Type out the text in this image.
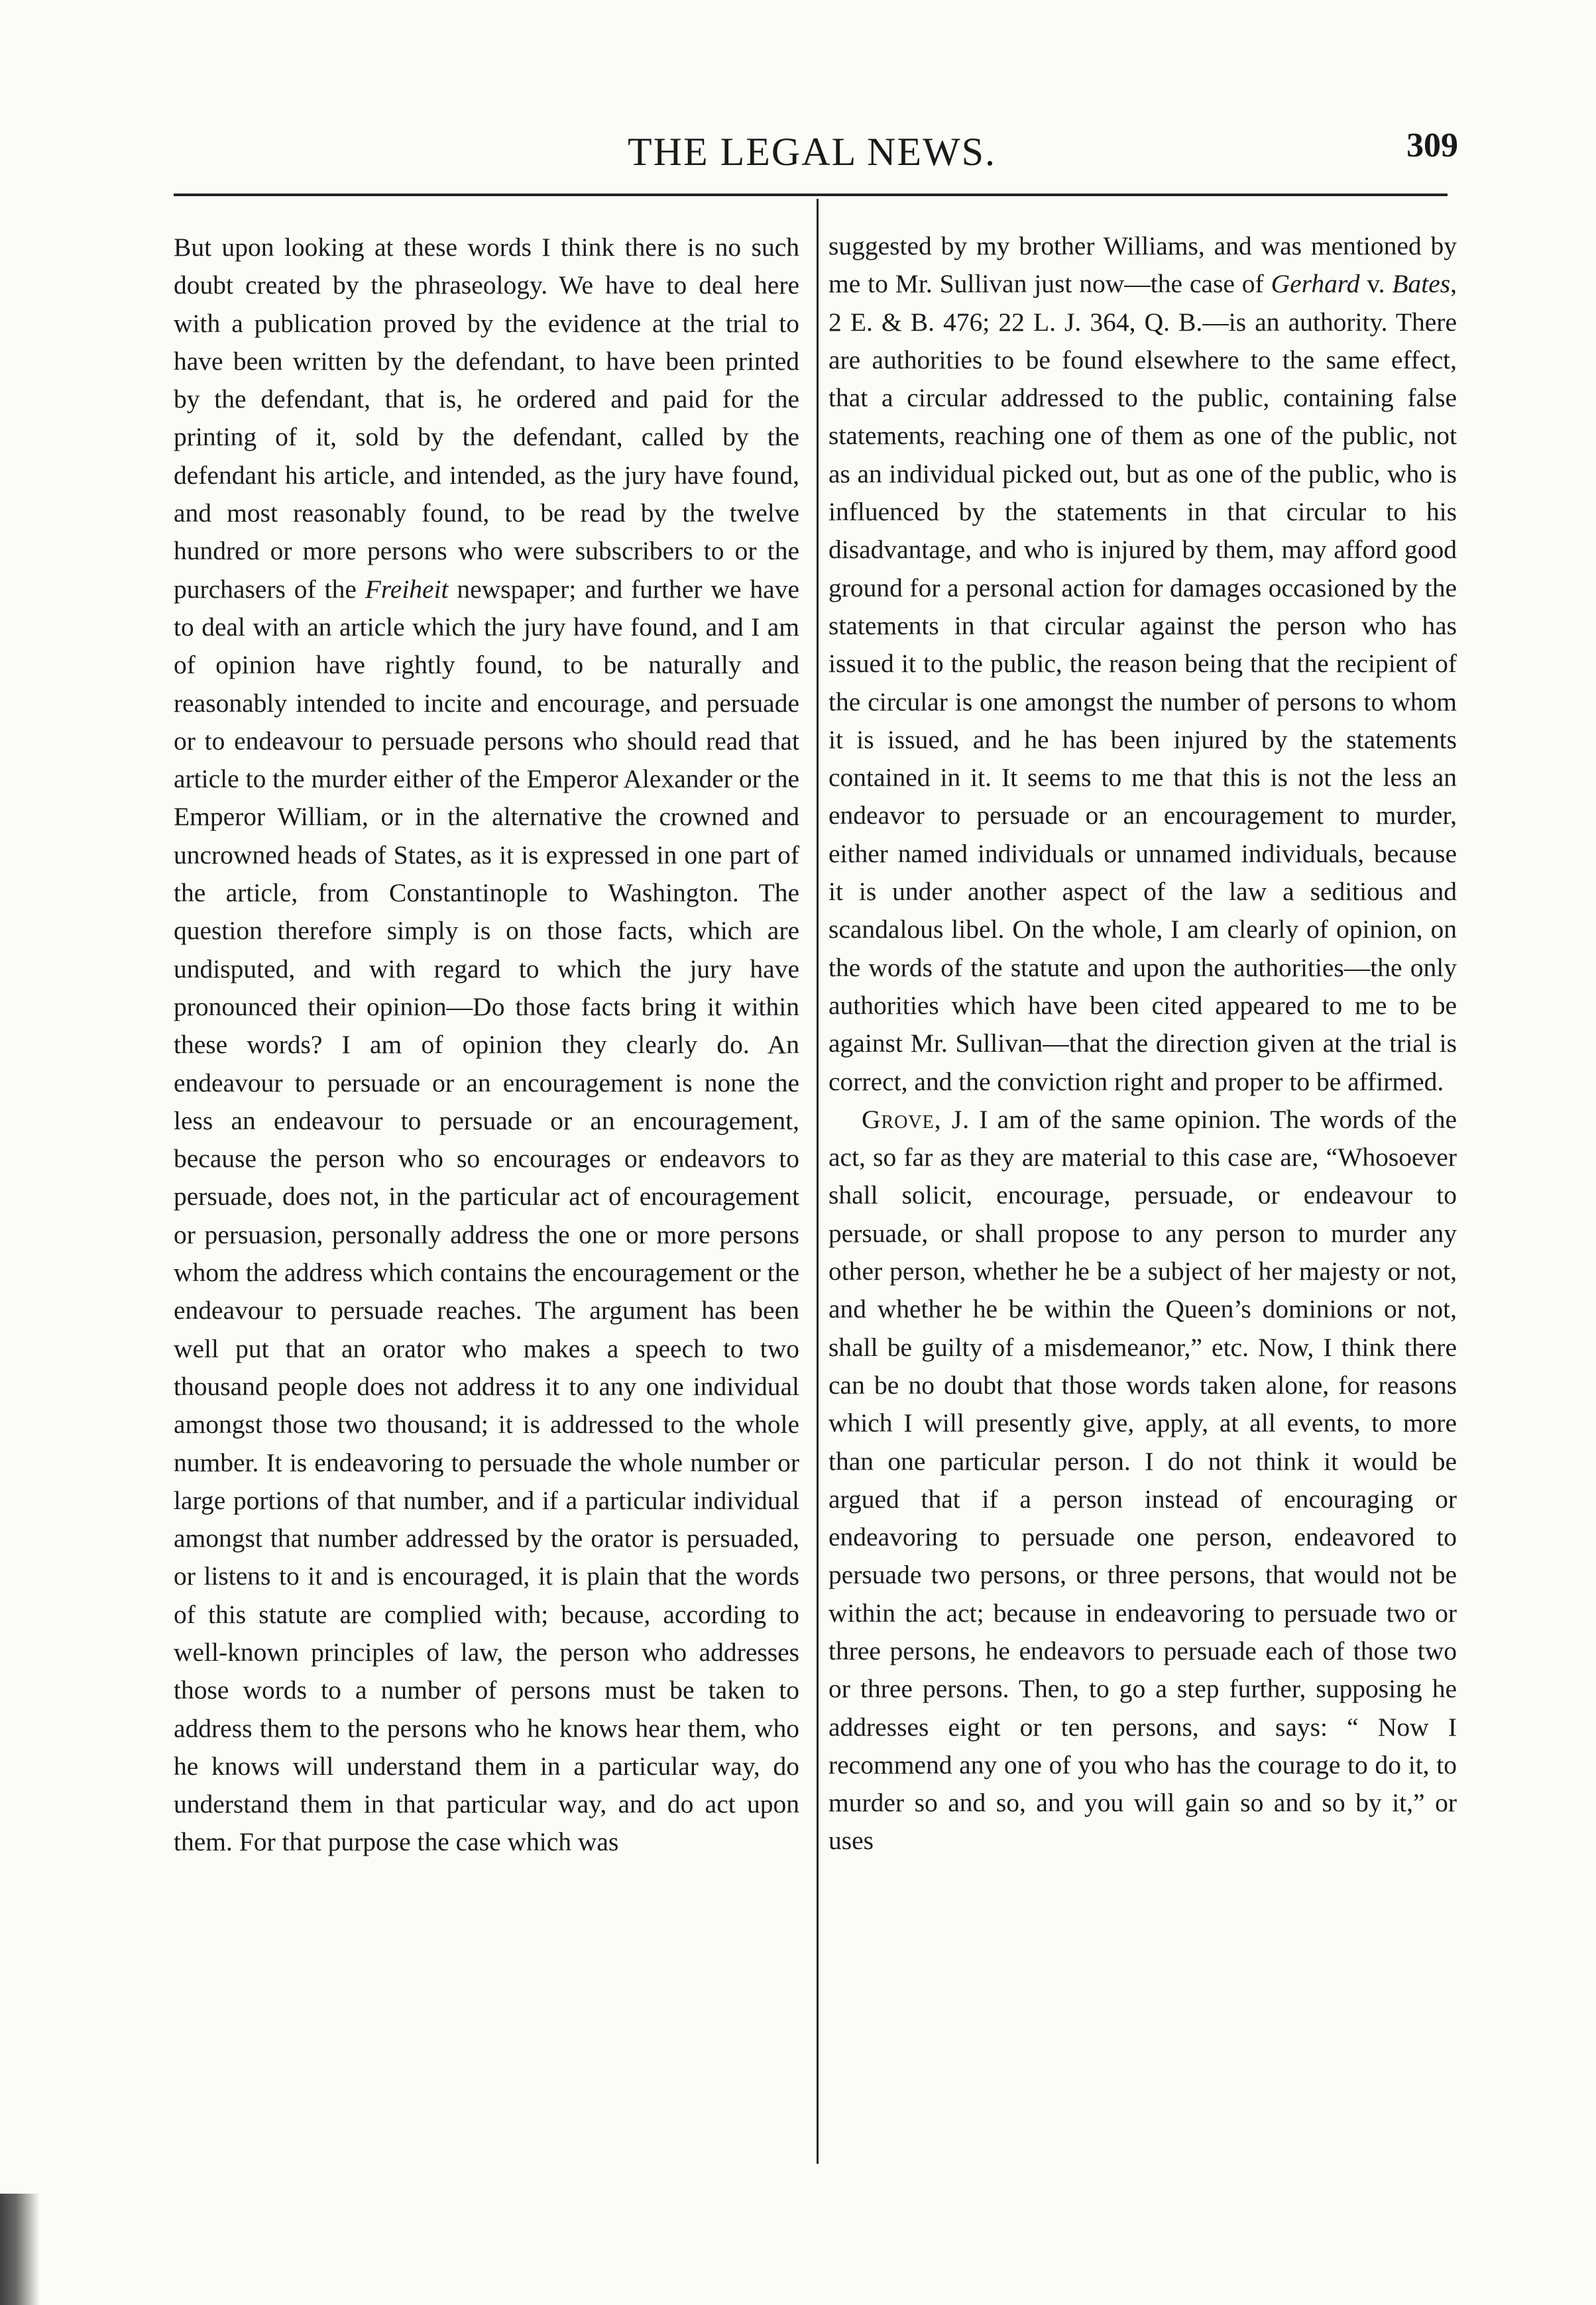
THE LEGAL NEWS.	309

But upon looking at these words I think there is no such doubt created by the phraseology. We have to deal here with a publication proved by the evidence at the trial to have been written by the defendant, to have been printed by the defendant, that is, he ordered and paid for the printing of it, sold by the defendant, called by the defendant his article, and intended, as the jury have found, and most reasonably found, to be read by the twelve hundred or more persons who were subscribers to or the purchasers of the Freiheit newspaper; and further we have to deal with an article which the jury have found, and I am of opinion have rightly found, to be naturally and reasonably intended to incite and encourage, and persuade or to endeavour to persuade persons who should read that article to the murder either of the Emperor Alexander or the Emperor William, or in the alternative the crowned and uncrowned heads of States, as it is expressed in one part of the article, from Constantinople to Washington. The question therefore simply is on those facts, which are undisputed, and with regard to which the jury have pronounced their opinion—Do those facts bring it within these words? I am of opinion they clearly do. An endeavour to persuade or an encouragement is none the less an endeavour to persuade or an encouragement, because the person who so encourages or endeavors to persuade, does not, in the particular act of encouragement or persuasion, personally address the one or more persons whom the address which contains the encouragement or the endeavour to persuade reaches. The argument has been well put that an orator who makes a speech to two thousand people does not address it to any one individual amongst those two thousand; it is addressed to the whole number. It is endeavoring to persuade the whole number or large portions of that number, and if a particular individual amongst that number addressed by the orator is persuaded, or listens to it and is encouraged, it is plain that the words of this statute are complied with; because, according to well-known principles of law, the person who addresses those words to a number of persons must be taken to address them to the persons who he knows hear them, who he knows will understand them in a particular way, do understand them in that particular way, and do act upon them. For that purpose the case which was

suggested by my brother Williams, and was mentioned by me to Mr. Sullivan just now—the case of Gerhard v. Bates, 2 E. & B. 476; 22 L. J. 364, Q. B.—is an authority. There are authorities to be found elsewhere to the same effect, that a circular addressed to the public, containing false statements, reaching one of them as one of the public, not as an individual picked out, but as one of the public, who is influenced by the statements in that circular to his disadvantage, and who is injured by them, may afford good ground for a personal action for damages occasioned by the statements in that circular against the person who has issued it to the public, the reason being that the recipient of the circular is one amongst the number of persons to whom it is issued, and he has been injured by the statements contained in it. It seems to me that this is not the less an endeavor to persuade or an encouragement to murder, either named individuals or unnamed individuals, because it is under another aspect of the law a seditious and scandalous libel. On the whole, I am clearly of opinion, on the words of the statute and upon the authorities—the only authorities which have been cited appeared to me to be against Mr. Sullivan—that the direction given at the trial is correct, and the conviction right and proper to be affirmed.

Grove, J. I am of the same opinion. The words of the act, so far as they are material to this case are, “Whosoever shall solicit, encourage, persuade, or endeavour to persuade, or shall propose to any person to murder any other person, whether he be a subject of her majesty or not, and whether he be within the Queen’s dominions or not, shall be guilty of a misdemeanor,” etc. Now, I think there can be no doubt that those words taken alone, for reasons which I will presently give, apply, at all events, to more than one particular person. I do not think it would be argued that if a person instead of encouraging or endeavoring to persuade one person, endeavored to persuade two persons, or three persons, that would not be within the act; because in endeavoring to persuade two or three persons, he endeavors to persuade each of those two or three persons. Then, to go a step further, supposing he addresses eight or ten persons, and says: “ Now I recommend any one of you who has the courage to do it, to murder so and so, and you will gain so and so by it,” or uses
